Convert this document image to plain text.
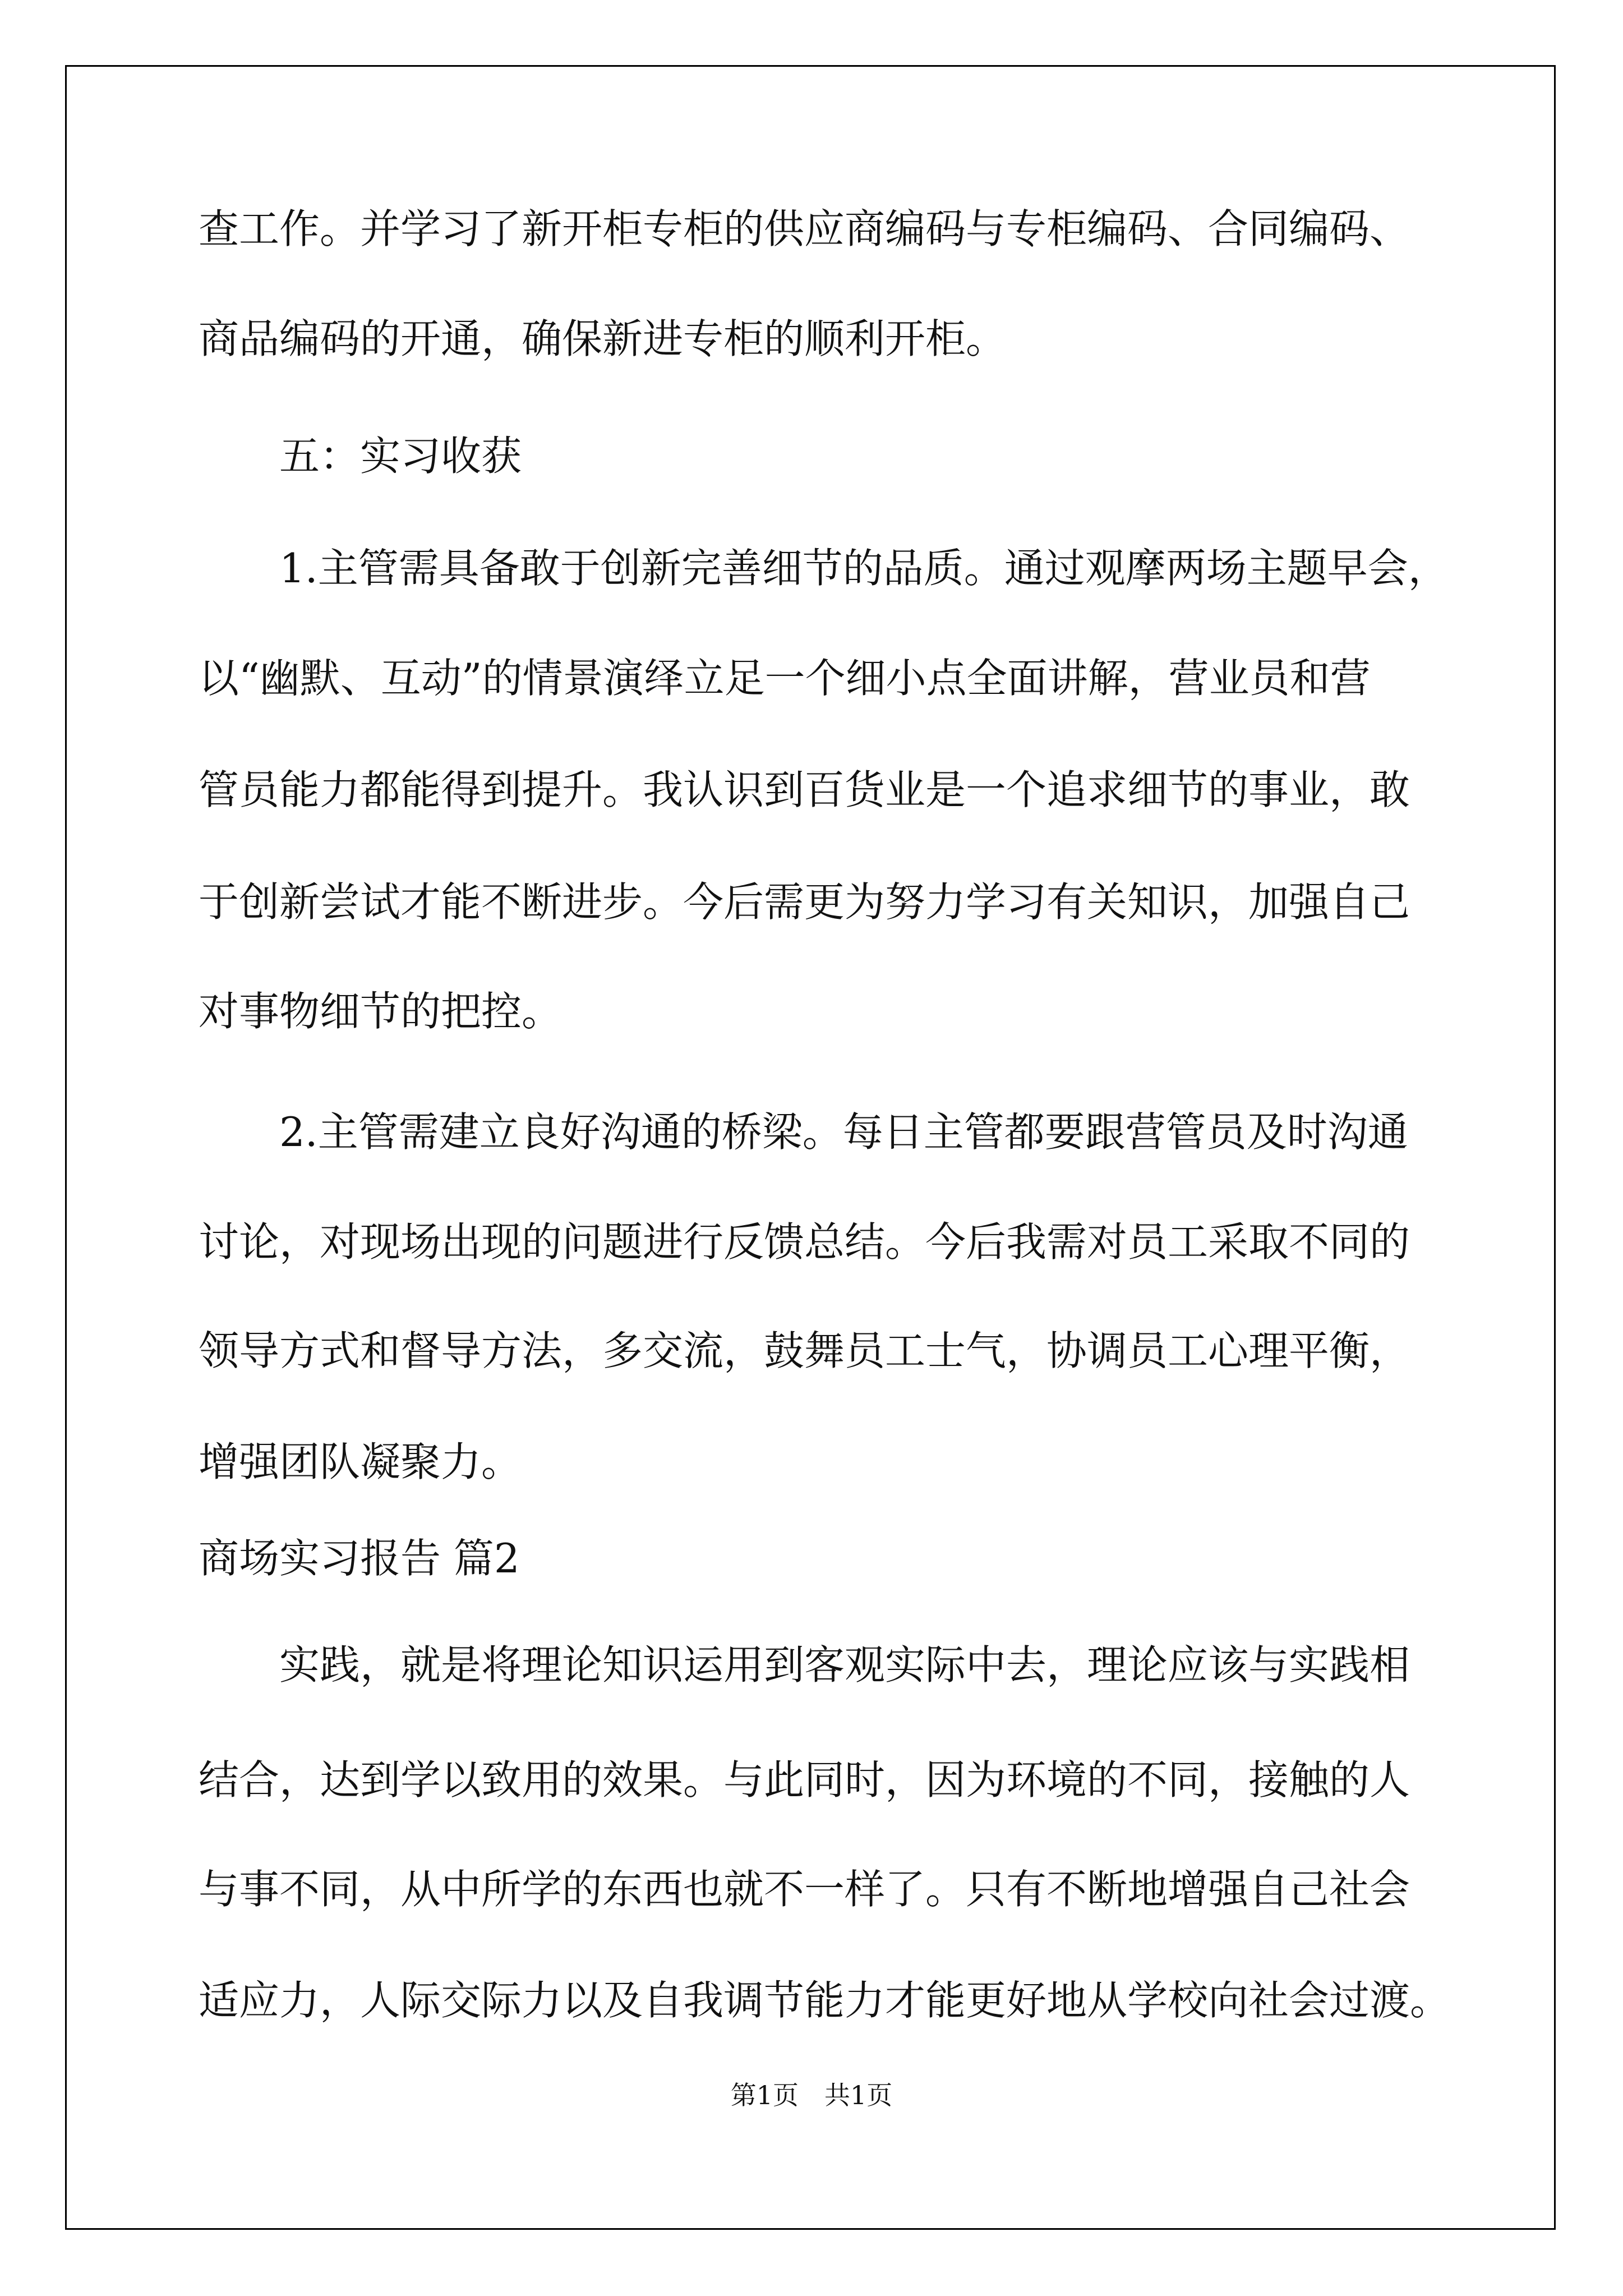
查工作。并学习了新开柜专柜的供应商编码与专柜编码、合同编码、
商品编码的开通，确保新进专柜的顺利开柜。
五：实习收获
1.主管需具备敢于创新完善细节的品质。通过观摩两场主题早会，
以“幽默、互动”的情景演绎立足一个细小点全面讲解，营业员和营
管员能力都能得到提升。我认识到百货业是一个追求细节的事业，敢
于创新尝试才能不断进步。今后需更为努力学习有关知识，加强自己
对事物细节的把控。
2.主管需建立良好沟通的桥梁。每日主管都要跟营管员及时沟通
讨论，对现场出现的问题进行反馈总结。今后我需对员工采取不同的
领导方式和督导方法，多交流，鼓舞员工士气，协调员工心理平衡，
增强团队凝聚力。
商场实习报告 篇2
实践，就是将理论知识运用到客观实际中去，理论应该与实践相
结合，达到学以致用的效果。与此同时，因为环境的不同，接触的人
与事不同，从中所学的东西也就不一样了。只有不断地增强自己社会
适应力，人际交际力以及自我调节能力才能更好地从学校向社会过渡。
第1页　共1页
